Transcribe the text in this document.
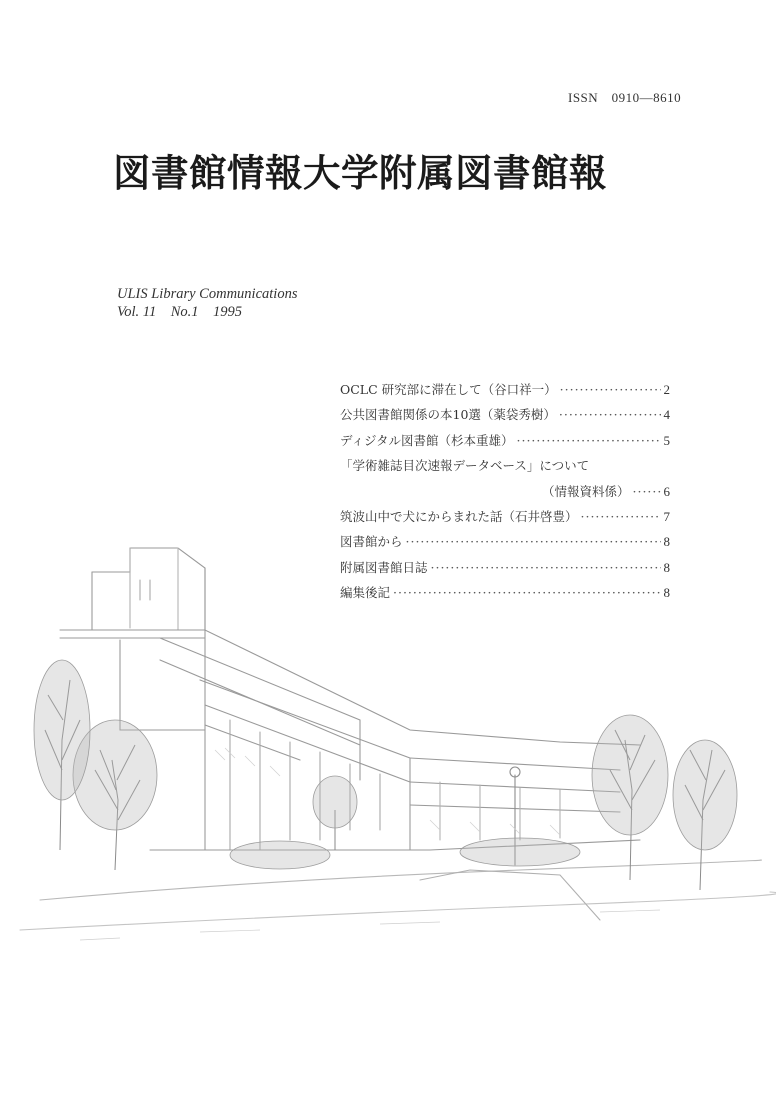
ISSN　0910―8610
図書館情報大学附属図書館報
ULIS Library Communications
Vol. 11　No.1　1995
OCLC 研究部に滞在して（谷口祥一） ·····	2
公共図書館関係の本10選（薬袋秀樹） ·····	4
ディジタル図書館（杉本重雄） ·····	5
「学術雑誌目次速報データベース」について
（情報資料係） ·····	6
筑波山中で犬にからまれた話（石井啓豊） ·····	7
図書館から ·····	8
附属図書館日誌 ·····	8
編集後記 ·····	8
